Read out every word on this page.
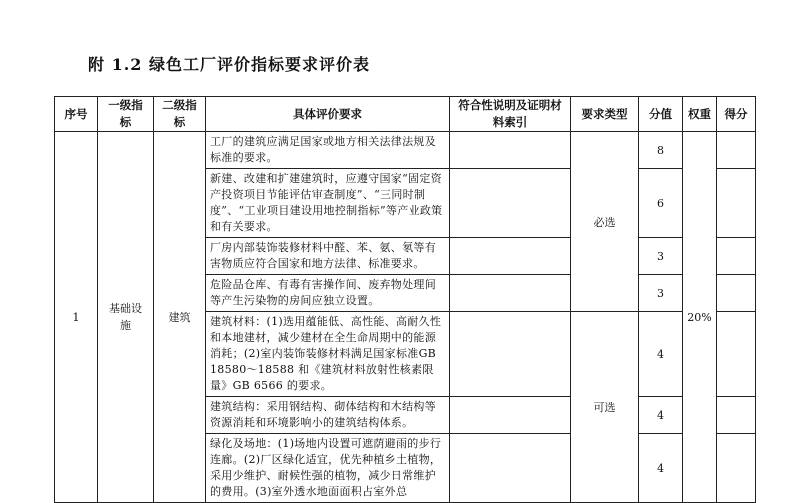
附 1.2 绿色工厂评价指标要求评价表
序号	一级指标	二级指标	具体评价要求	符合性说明及证明材料索引	要求类型	分值	权重	得分
1	基础设施	建筑	工厂的建筑应满足国家或地方相关法律法规及标准的要求。		必选	8	20%	
			新建、改建和扩建建筑时，应遵守国家“固定资产投资项目节能评估审查制度”、“三同时制度”、“工业项目建设用地控制指标”等产业政策和有关要求。			6		
			厂房内部装饰装修材料中醛、苯、氨、氡等有害物质应符合国家和地方法律、标准要求。			3		
			危险品仓库、有毒有害操作间、废弃物处理间等产生污染物的房间应独立设置。			3		
			建筑材料：(1)选用蕴能低、高性能、高耐久性和本地建材，减少建材在全生命周期中的能源消耗；(2)室内装饰装修材料满足国家标准GB 18580～18588 和《建筑材料放射性核素限量》GB 6566 的要求。		可选	4		
			建筑结构：采用钢结构、砌体结构和木结构等资源消耗和环境影响小的建筑结构体系。			4		
			绿化及场地：(1)场地内设置可遮荫避雨的步行连廊。(2)厂区绿化适宜，优先种植乡土植物，采用少维护、耐候性强的植物，减少日常维护的费用。(3)室外透水地面面积占室外总			4		
